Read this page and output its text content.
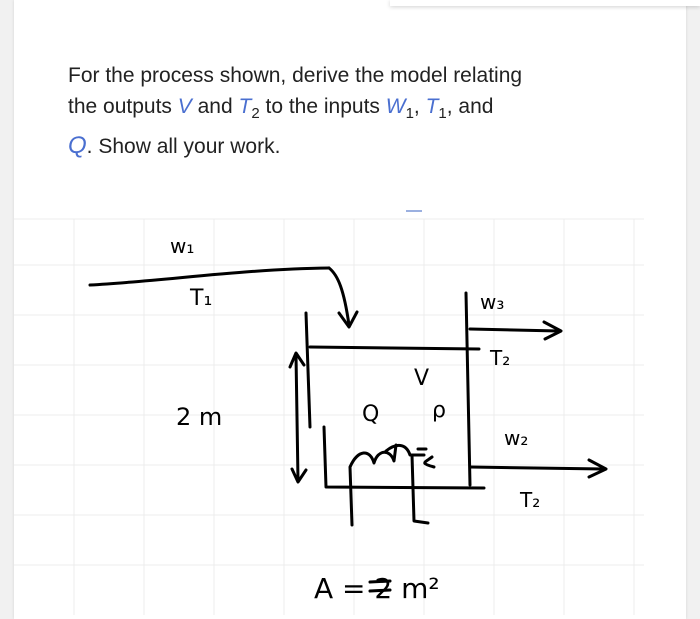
For the process shown, derive the model relating
the outputs V and $T_2$ to the inputs $W_1$, $T_1$, and
Q. Show all your work.
w₁
T₁
2 m
w₃
T₂
V
ρ
Q
w₂
T₂
A = 2 m²
